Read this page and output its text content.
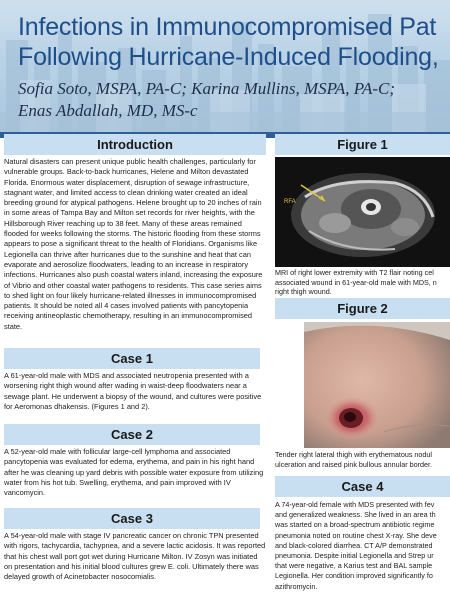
Infections in Immunocompromised Pat
Following Hurricane-Induced Flooding,

Sofia Soto, MSPA, PA-C; Karina Mullins, MSPA, PA-C;
Enas Abdallah, MD, MS-c

Introduction

Natural disasters can present unique public health challenges, particularly for vulnerable groups. Back-to-back hurricanes, Helene and Milton devastated Florida. Enormous water displacement, disruption of sewage infrastructure, stagnant water, and limited access to clean drinking water created an ideal breeding ground for atypical pathogens. Helene brought up to 20 inches of rain in some areas of Tampa Bay and Milton set records for river heights, with the Hillsborough River reaching up to 38 feet. Many of these areas remained flooded for weeks following the storms. The historic flooding from these storms appears to pose a significant threat to the health of Floridians. Organisms like Legionella can thrive after hurricanes due to the sunshine and heat that can evaporate and aerosolize floodwaters, leading to an increase in respiratory infections. Hurricanes also push coastal waters inland, increasing the exposure of Vibrio and other coastal water pathogens to residents. This case series aims to shed light on four likely hurricane-related illnesses in immunocompromised patients. It should be noted all 4 cases involved patients with pancytopenia receiving antineoplastic chemotherapy, resulting in an immunocompromised state.

Case 1

A 61-year-old male with MDS and associated neutropenia presented with a worsening right thigh wound after wading in waist-deep floodwaters near a sewage plant. He underwent a biopsy of the wound, and cultures were positive for Aeromonas dhakensis. (Figures 1 and 2).

Case 2

A 52-year-old male with follicular large-cell lymphoma and associated pancytopenia was evaluated for edema, erythema, and pain in his right hand after he was cleaning up yard debris with possible water exposure from utilizing water from his hot tub. Swelling, erythema, and pain improved with IV vancomycin.

Case 3

A 54-year-old male with stage IV pancreatic cancer on chronic TPN presented with rigors, tachycardia, tachypnea, and a severe lactic acidosis. It was reported that his chest wall port got wet during Hurricane Milton. IV Zosyn was initiated on presentation and his initial blood cultures grew E. coli. Ultimately there was delayed growth of Acinetobacter nosocomialis.

Figure 1
RFA
MRI of right lower extremity with T2 flair noting cel
associated wound in 61-year-old male with MDS, n
right thigh wound.
Figure 2
Tender right lateral thigh with erythematous nodul
ulceration and raised pink bullous annular border.
Case 4
A 74-year-old female with MDS presented with fev
and generalized weakness. She lived in an area th
was started on a broad-spectrum antibiotic regime
pneumonia noted on routine chest X-ray. She deve
and black-colored diarrhea. CT A/P demonstrated
pneumonia. Despite initial Legionella and Strep ur
that were negative, a Karius test and BAL sample
Legionella. Her condition improved significantly fo
azithromycin.
